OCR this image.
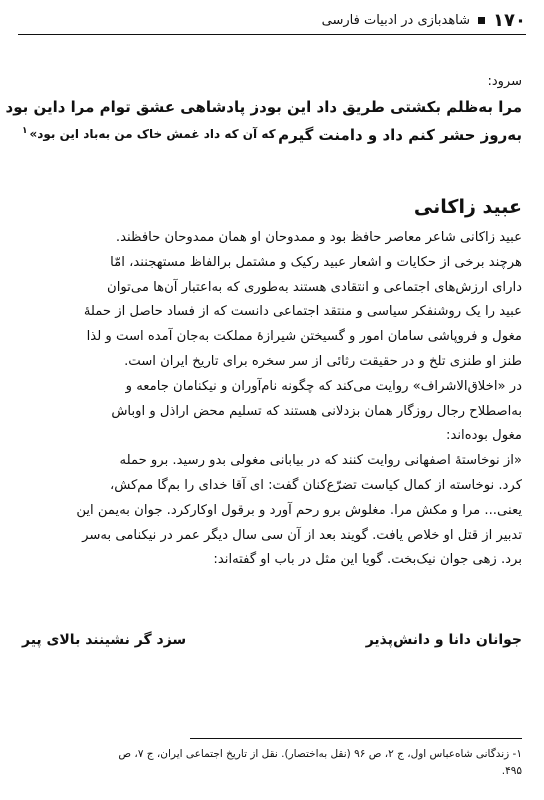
۱۷۰
شاهدبازی در ادبیات فارسی
سرود:
مرا به‌ظلم بکشتی طریق داد این بود
ز پادشاهی عشق توام مرا داین بود
به‌روز حشر کنم داد و دامنت گیرم
که آن که داد غمش خاک من به‌باد این بود»$^۱$
عبید زاکانی
عبید زاکانی شاعر معاصر حافظ بود و ممدوحان او همان ممدوحان حافظند.
هرچند برخی از حکایات و اشعار عبید رکیک و مشتمل برالفاظ مستهجنند، امّا
دارای ارزش‌های اجتماعی و انتقادی هستند به‌طوری که به‌اعتبار آن‌ها می‌توان
عبید را یک روشنفکر سیاسی و منتقد اجتماعی دانست که از فساد حاصل از حملهٔ
مغول و فروپاشی سامان امور و گسیختن شیرازهٔ مملکت به‌جان آمده است و لذا
طنز او طنزی تلخ و در حقیقت رثائی از سر سخره برای تاریخ ایران است.
در «اخلاق‌الاشراف» روایت می‌کند که چگونه نام‌آوران و نیکنامان جامعه و
به‌اصطلاح رجال روزگار همان بزدلانی هستند که تسلیم محض اراذل و اوباش
مغول بوده‌اند:
«از نوخاستهٔ اصفهانی روایت کنند که در بیابانی مغولی بدو رسید. برو حمله
کرد. نوخاسته از کمال کیاست تضرّع‌کنان گفت: ای آقا خدای را بم‌گا مم‌کش،
یعنی... مرا و مکش مرا. مغلوش برو رحم آورد و برقول اوکارکرد. جوان به‌یمن این
تدبیر از قتل او خلاص یافت. گویند بعد از آن سی سال دیگر عمر در نیکنامی به‌سر
برد. زهی جوان نیک‌بخت. گویا این مثل در باب او گفته‌اند:
جوانان دانا و دانش‌پذیر
سزد گر نشینند بالای پیر
۱- زندگانی شاه‌عباس اول، ج ۲، ص ۹۶ (نقل به‌اختصار). نقل از تاریخ اجتماعی ایران، ج ۷، ص
۴۹۵.
